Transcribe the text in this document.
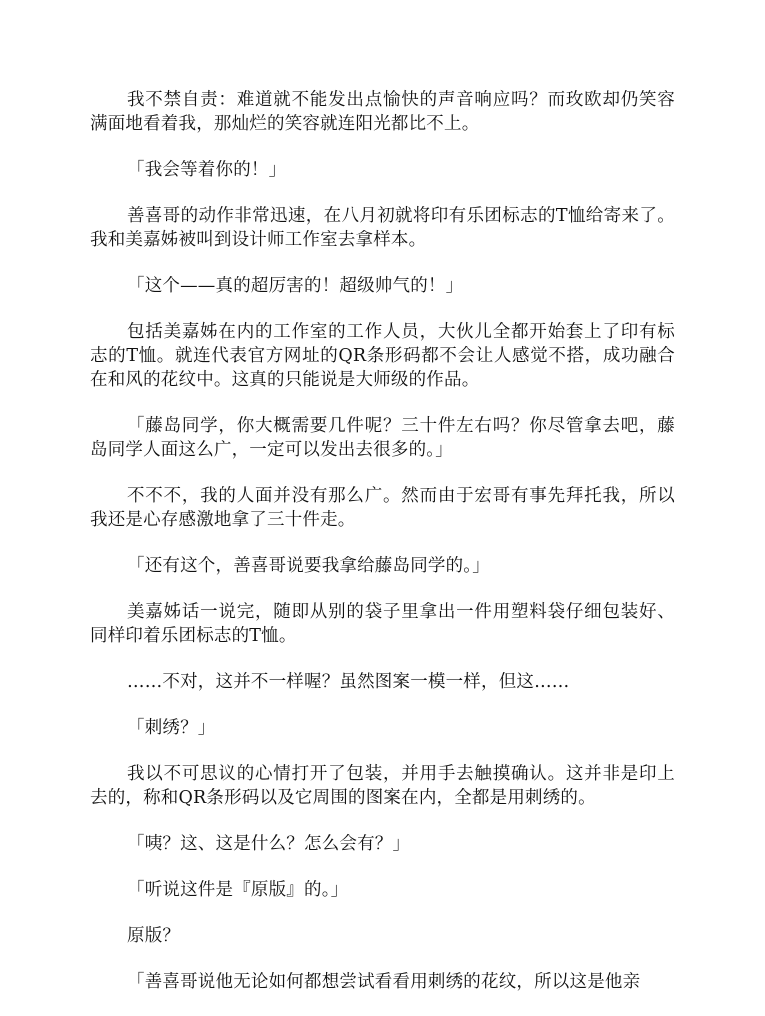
我不禁自责：难道就不能发出点愉快的声音响应吗？而玫欧却仍笑容满面地看着我，那灿烂的笑容就连阳光都比不上。

「我会等着你的！」

善喜哥的动作非常迅速，在八月初就将印有乐团标志的T恤给寄来了。我和美嘉姊被叫到设计师工作室去拿样本。

「这个——真的超厉害的！超级帅气的！」

包括美嘉姊在内的工作室的工作人员，大伙儿全都开始套上了印有标志的T恤。就连代表官方网址的QR条形码都不会让人感觉不搭，成功融合在和风的花纹中。这真的只能说是大师级的作品。

「藤岛同学，你大概需要几件呢？三十件左右吗？你尽管拿去吧，藤岛同学人面这么广，一定可以发出去很多的。」

不不不，我的人面并没有那么广。然而由于宏哥有事先拜托我，所以我还是心存感激地拿了三十件走。

「还有这个，善喜哥说要我拿给藤岛同学的。」

美嘉姊话一说完，随即从别的袋子里拿出一件用塑料袋仔细包装好、同样印着乐团标志的T恤。

……不对，这并不一样喔？虽然图案一模一样，但这……

「刺绣？」

我以不可思议的心情打开了包装，并用手去触摸确认。这并非是印上去的，称和QR条形码以及它周围的图案在内，全都是用刺绣的。

「咦？这、这是什么？怎么会有？」

「听说这件是『原版』的。」

原版？

「善喜哥说他无论如何都想尝试看看用刺绣的花纹，所以这是他亲
